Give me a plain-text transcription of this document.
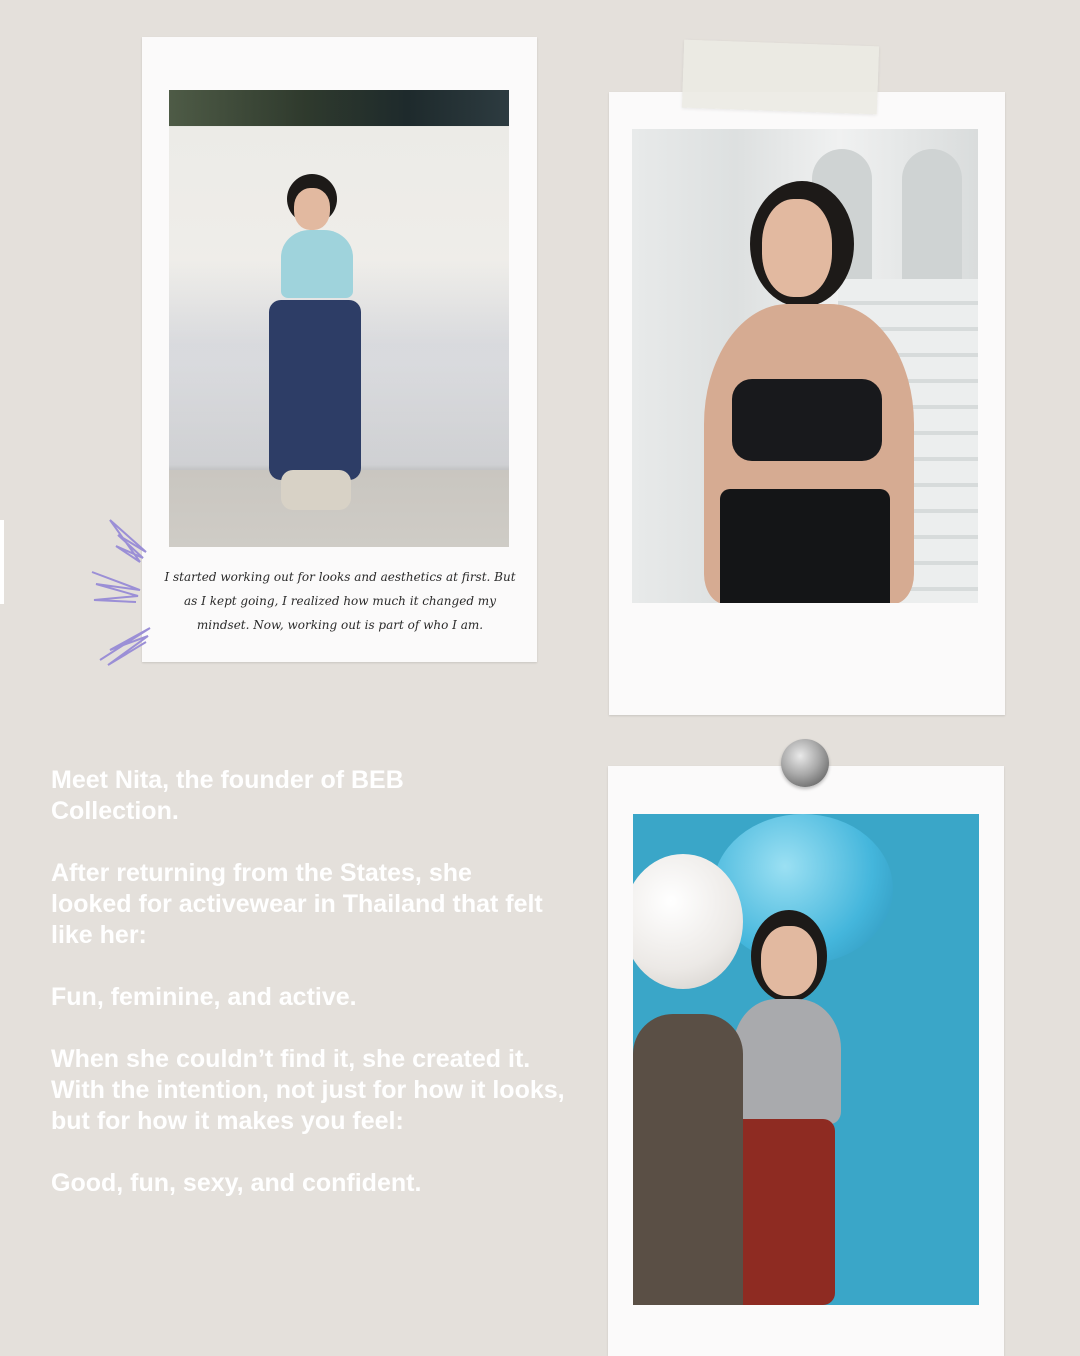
I started working out for looks and aesthetics at first. But as I kept going, I realized how much it changed my mindset. Now, working out is part of who I am.

Meet Nita, the founder of BEB Collection.

After returning from the States, she looked for activewear in Thailand that felt like her:

Fun, feminine, and active.

When she couldn’t find it, she created it. With the intention, not just for how it looks, but for how it makes you feel:

Good, fun, sexy, and confident.
